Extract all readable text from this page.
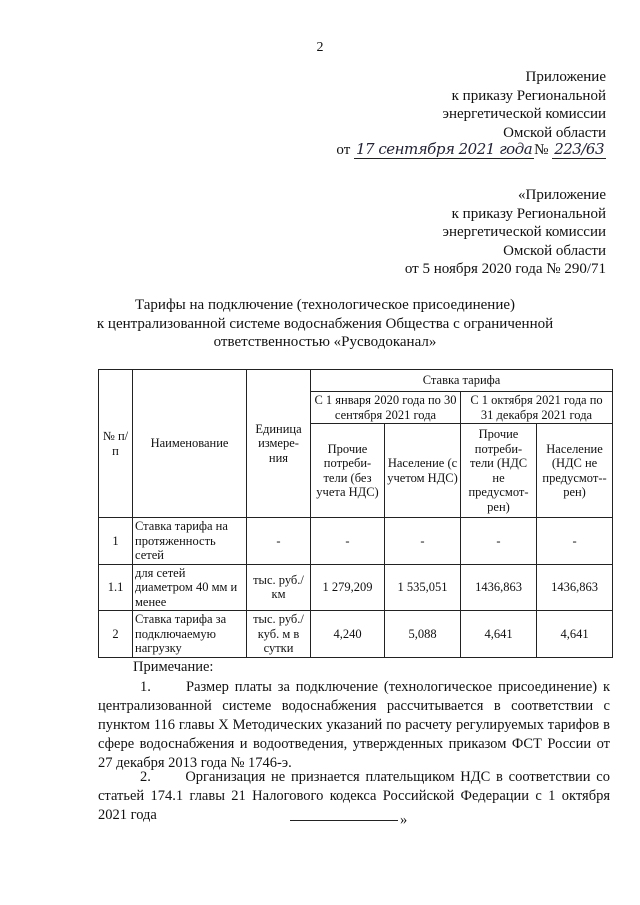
2
Приложение
к приказу Региональной
энергетической комиссии
Омской области
от 17 сентября 2021 года № 223/63
«Приложение
к приказу Региональной
энергетической комиссии
Омской области
от 5 ноября 2020 года № 290/71
Тарифы на подключение (технологическое присоединение)
к централизованной системе водоснабжения Общества с ограниченной
ответственностью «Русводоканал»
№ п/п	Наименование	Единица измере-ния	Ставка тарифа			
			С 1 января 2020 года по 30 сентября 2021 года		С 1 октября 2021 года по 31 декабря 2021 года	
			Прочие потреби-тели (без учета НДС)	Население (с учетом НДС)	Прочие потреби-тели (НДС не предусмот-рен)	Население (НДС не предусмот--рен)
1	Ставка тарифа на протяженность сетей	-	-	-	-	-
1.1	для сетей диаметром 40 мм и менее	тыс. руб./км	1 279,209	1 535,051	1436,863	1436,863
2	Ставка тарифа за подключаемую нагрузку	тыс. руб./куб. м в сутки	4,240	5,088	4,641	4,641
Примечание:

1.      Размер платы за подключение (технологическое присоединение) к централизованной системе водоснабжения рассчитывается в соответствии с пунктом 116 главы X Методических указаний по расчету регулируемых тарифов в сфере водоснабжения и водоотведения, утвержденных приказом ФСТ России от 27 декабря 2013 года № 1746-э.

2.      Организация не признается плательщиком НДС в соответствии со статьей 174.1 главы 21 Налогового кодекса Российской Федерации с 1 октября 2021 года	»
